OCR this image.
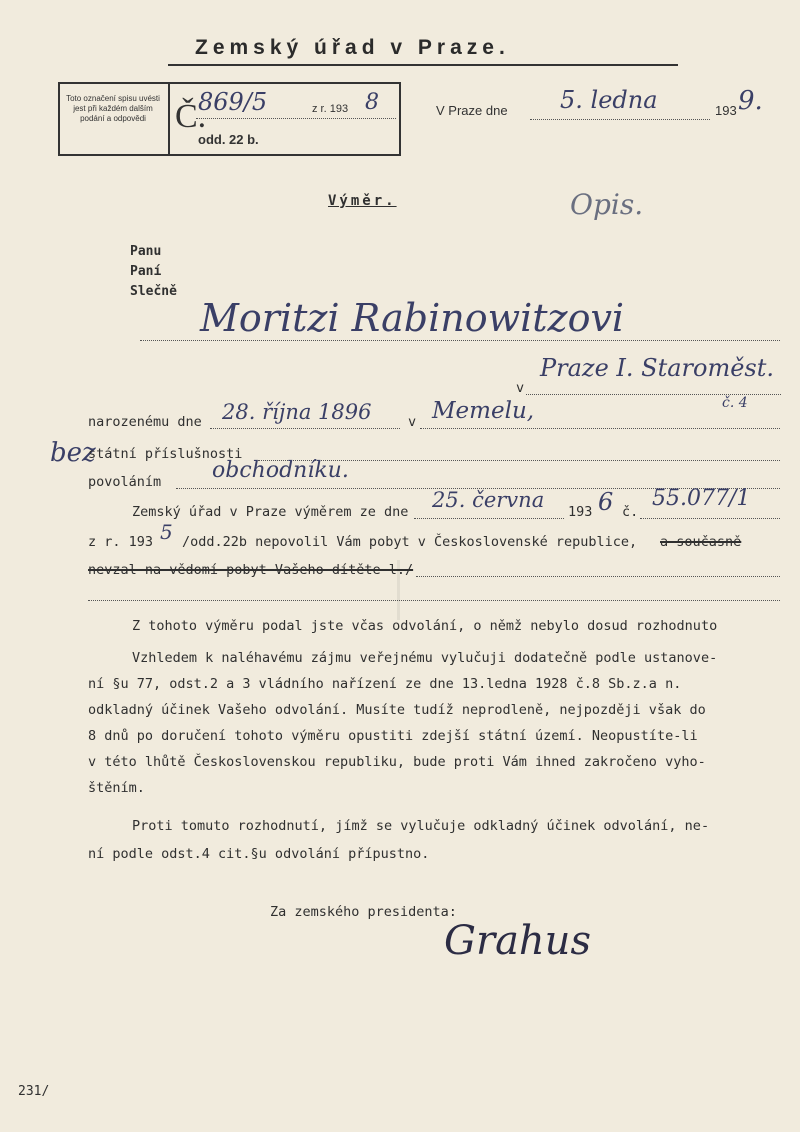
Zemský úřad v Praze.
Toto označení spisu uvésti jest při každém dalším podání a odpovědi Č.
869/5	z r. 193 8
odd. 22 b.
V Praze dne 5. ledna	193 9.
Výměr.	Opis.
Panu
Paní
Slečně
Moritzi Rabinowitzovi
v
Praze I. Staroměst.
č. 4
narozenému dne 28. října 1896	v Memelu,
bez
státní příslušnosti
povoláním obchodníku.
Zemský úřad v Praze výměrem ze dne 25. června 193 6 č.
55.077/1
z r. 193 5 /odd.22b nepovolil Vám pobyt v Československé republice, a současně
nevzal na vědomí pobyt Vašeho dítěte l./
Z tohoto výměru podal jste včas odvolání, o němž nebylo dosud rozhodnuto
Vzhledem k naléhavému zájmu veřejnému vylučuji dodatečně podle ustanove-
ní §u 77, odst.2 a 3 vládního nařízení ze dne 13.ledna 1928 č.8 Sb.z.a n.
odkladný účinek Vašeho odvolání. Musíte tudíž neprodleně, nejpozději však do
8 dnů po doručení tohoto výměru opustiti zdejší státní území. Neopustíte-li
v této lhůtě Československou republiku, bude proti Vám ihned zakročeno vyho-
štěním.
Proti tomuto rozhodnutí, jímž se vylučuje odkladný účinek odvolání, ne-
ní podle odst.4 cit.§u odvolání přípustno.
Za zemského presidenta:
Grahus
231/
